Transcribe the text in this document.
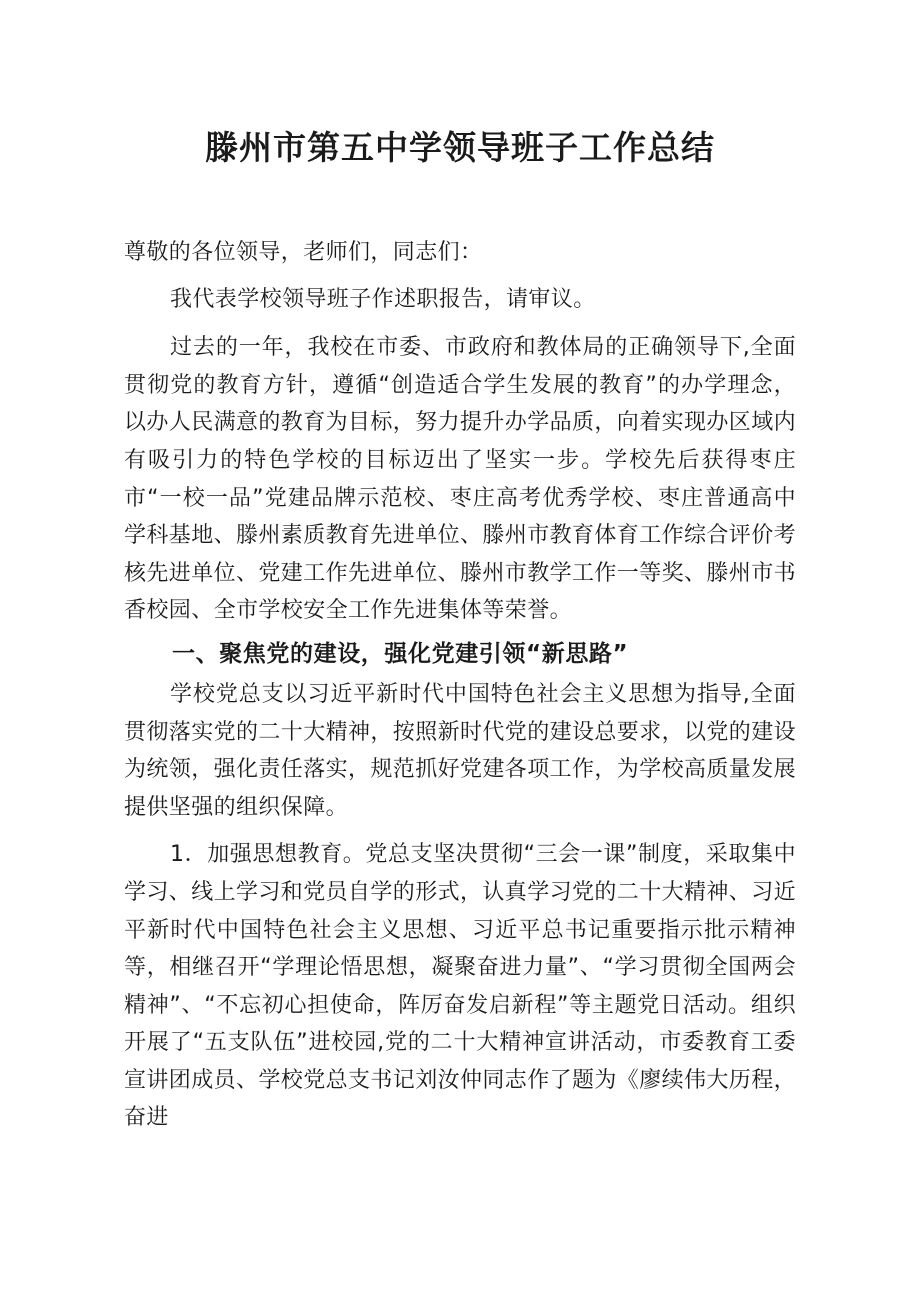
滕州市第五中学领导班子工作总结

尊敬的各位领导，老师们，同志们：

我代表学校领导班子作述职报告，请审议。

过去的一年，我校在市委、市政府和教体局的正确领导下,全面贯彻党的教育方针，遵循“创造适合学生发展的教育”的办学理念，以办人民满意的教育为目标，努力提升办学品质，向着实现办区域内有吸引力的特色学校的目标迈出了坚实一步。学校先后获得枣庄市“一校一品”党建品牌示范校、枣庄高考优秀学校、枣庄普通高中学科基地、滕州素质教育先进单位、滕州市教育体育工作综合评价考核先进单位、党建工作先进单位、滕州市教学工作一等奖、滕州市书香校园、全市学校安全工作先进集体等荣誉。

一、聚焦党的建设，强化党建引领“新思路”

学校党总支以习近平新时代中国特色社会主义思想为指导,全面贯彻落实党的二十大精神，按照新时代党的建设总要求，以党的建设为统领，强化责任落实，规范抓好党建各项工作，为学校高质量发展提供坚强的组织保障。

1．加强思想教育。党总支坚决贯彻“三会一课”制度，采取集中学习、线上学习和党员自学的形式，认真学习党的二十大精神、习近平新时代中国特色社会主义思想、习近平总书记重要指示批示精神等，相继召开“学理论悟思想，凝聚奋进力量”、“学习贯彻全国两会精神”、“不忘初心担使命，阵厉奋发启新程”等主题党日活动。组织开展了“五支队伍”进校园,党的二十大精神宣讲活动，市委教育工委宣讲团成员、学校党总支书记刘汝仲同志作了题为《廖续伟大历程，奋进
